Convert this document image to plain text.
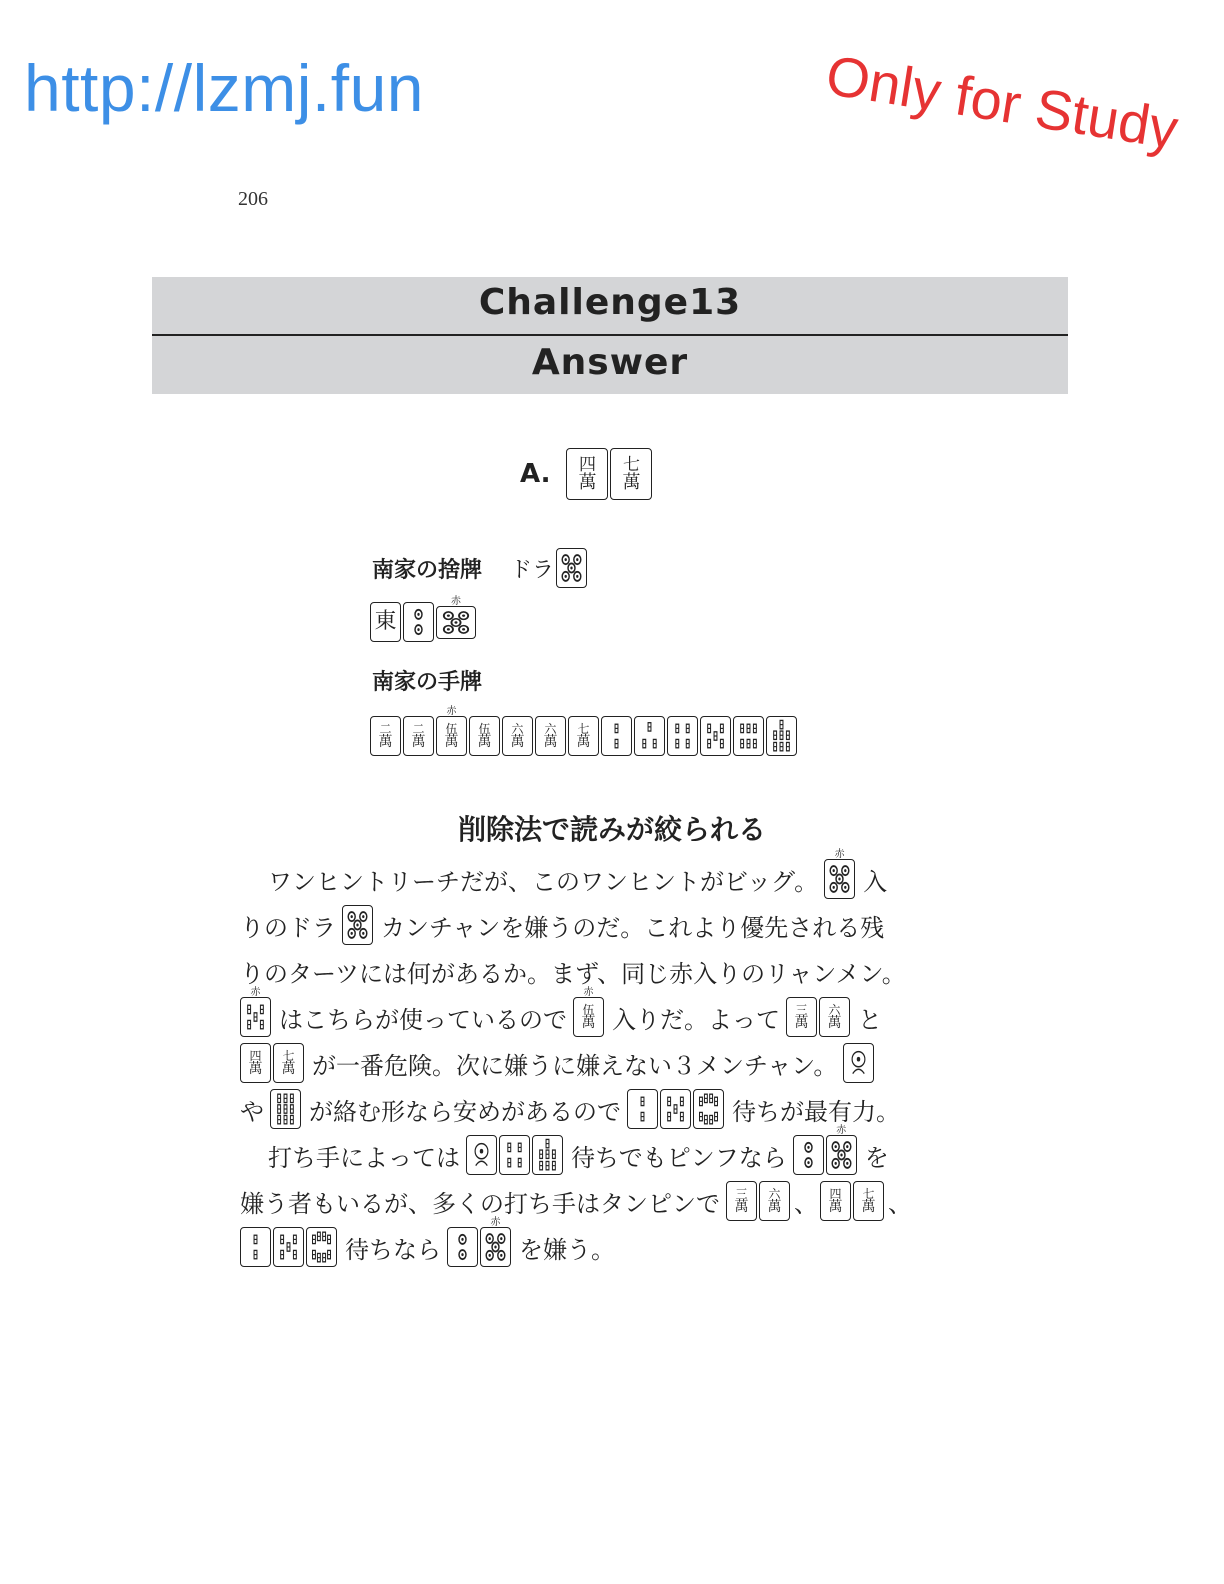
http://lzmj.fun	Only for Study
206
Challenge13
Answer
A. 四
萬
七
萬
南家の捨牌 ドラ
東
赤
南家の手牌
二
萬
二
萬
伍
萬
赤
伍
萬
六
萬
六
萬
七
萬
削除法で読みが絞られる
ワンヒントリーチだが、このワンヒントがビッグ。
赤
入
りのドラ カンチャンを嫌うのだ。これより優先される残
りのターツには何があるか。まず、同じ赤入りのリャンメン。
赤
はこちらが使っているので 伍
萬
赤
入りだ。よって 三
萬
六
萬 と
四
萬
七
萬 が一番危険。次に嫌うに嫌えない３メンチャン。
や が絡む形なら安めがあるので	待ちが最有力。
打ち手によっては	待ちでもピンフなら
赤
を
嫌う者もいるが、多くの打ち手はタンピンで 三
萬
六
萬 、 四
萬
七
萬 、
待ちなら
赤
を嫌う。
